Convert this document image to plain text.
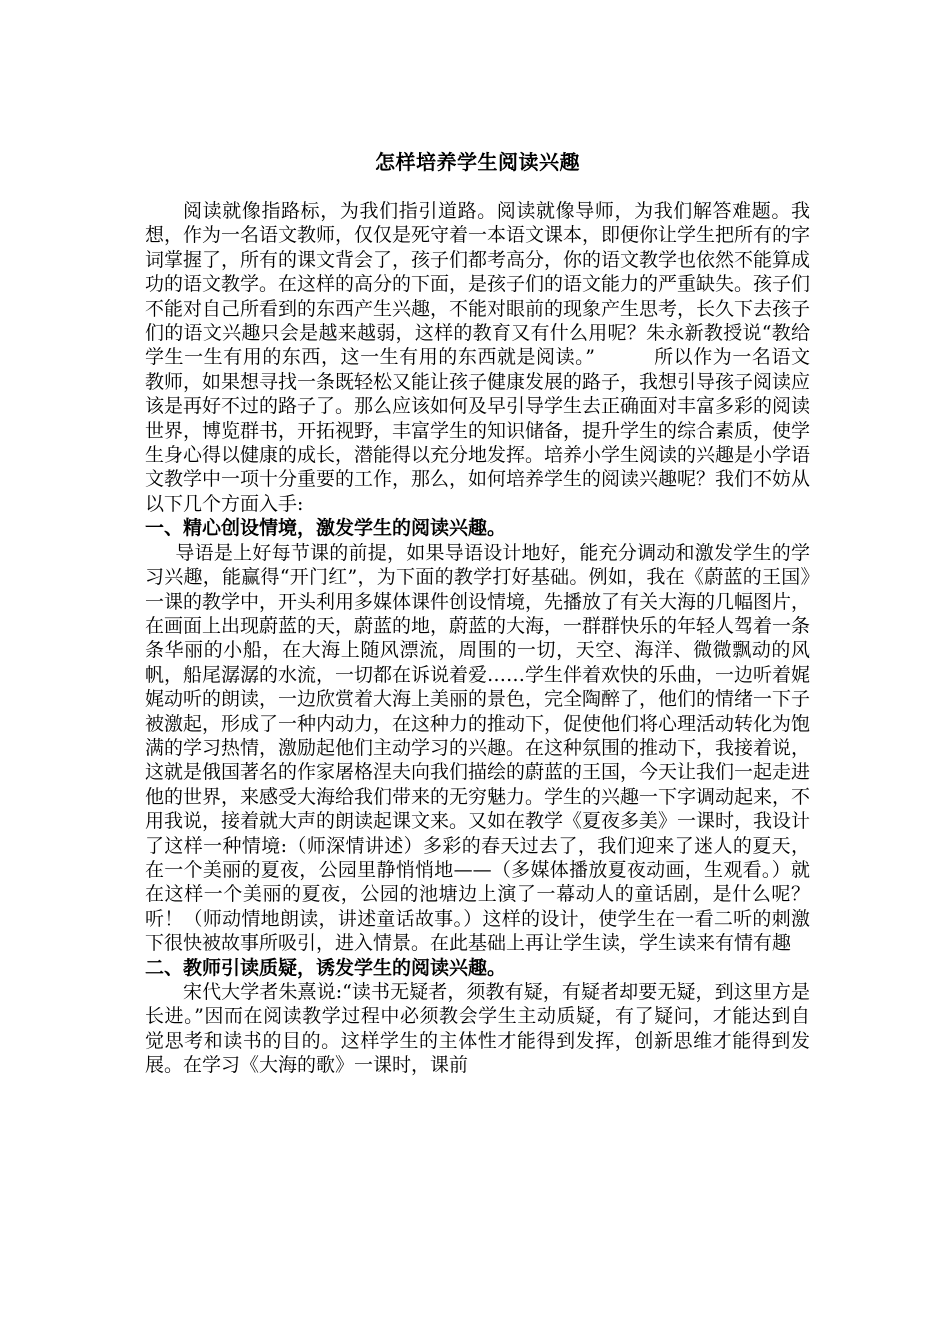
怎样培养学生阅读兴趣

阅读就像指路标，为我们指引道路。阅读就像导师，为我们解答难题。我想，作为一名语文教师，仅仅是死守着一本语文课本，即便你让学生把所有的字词掌握了，所有的课文背会了，孩子们都考高分，你的语文教学也依然不能算成功的语文教学。在这样的高分的下面，是孩子们的语文能力的严重缺失。孩子们不能对自己所看到的东西产生兴趣，不能对眼前的现象产生思考，长久下去孩子们的语文兴趣只会是越来越弱，这样的教育又有什么用呢？朱永新教授说“教给学生一生有用的东西，这一生有用的东西就是阅读。”　　　所以作为一名语文教师，如果想寻找一条既轻松又能让孩子健康发展的路子，我想引导孩子阅读应该是再好不过的路子了。那么应该如何及早引导学生去正确面对丰富多彩的阅读世界，博览群书，开拓视野，丰富学生的知识储备，提升学生的综合素质，使学生身心得以健康的成长，潜能得以充分地发挥。培养小学生阅读的兴趣是小学语文教学中一项十分重要的工作，那么，如何培养学生的阅读兴趣呢？我们不妨从以下几个方面入手:

一、精心创设情境，激发学生的阅读兴趣。

导语是上好每节课的前提，如果导语设计地好，能充分调动和激发学生的学习兴趣，能赢得“开门红”，为下面的教学打好基础。例如，我在《蔚蓝的王国》一课的教学中，开头利用多媒体课件创设情境，先播放了有关大海的几幅图片，在画面上出现蔚蓝的天，蔚蓝的地，蔚蓝的大海，一群群快乐的年轻人驾着一条条华丽的小船，在大海上随风漂流，周围的一切，天空、海洋、微微飘动的风帆，船尾潺潺的水流，一切都在诉说着爱……学生伴着欢快的乐曲，一边听着娓娓动听的朗读，一边欣赏着大海上美丽的景色，完全陶醉了，他们的情绪一下子被激起，形成了一种内动力，在这种力的推动下，促使他们将心理活动转化为饱满的学习热情，激励起他们主动学习的兴趣。在这种氛围的推动下，我接着说，这就是俄国著名的作家屠格涅夫向我们描绘的蔚蓝的王国，今天让我们一起走进他的世界，来感受大海给我们带来的无穷魅力。学生的兴趣一下字调动起来，不用我说，接着就大声的朗读起课文来。又如在教学《夏夜多美》一课时，我设计了这样一种情境:（师深情讲述）多彩的春天过去了，我们迎来了迷人的夏天，在一个美丽的夏夜，公园里静悄悄地——（多媒体播放夏夜动画，生观看。）就在这样一个美丽的夏夜，公园的池塘边上演了一幕动人的童话剧，是什么呢？听！（师动情地朗读，讲述童话故事。）这样的设计，使学生在一看二听的刺激下很快被故事所吸引，进入情景。在此基础上再让学生读，学生读来有情有趣

二、教师引读质疑，诱发学生的阅读兴趣。

宋代大学者朱熹说:“读书无疑者，须教有疑，有疑者却要无疑，到这里方是长进。”因而在阅读教学过程中必须教会学生主动质疑，有了疑问，才能达到自觉思考和读书的目的。这样学生的主体性才能得到发挥，创新思维才能得到发展。在学习《大海的歌》一课时，课前
